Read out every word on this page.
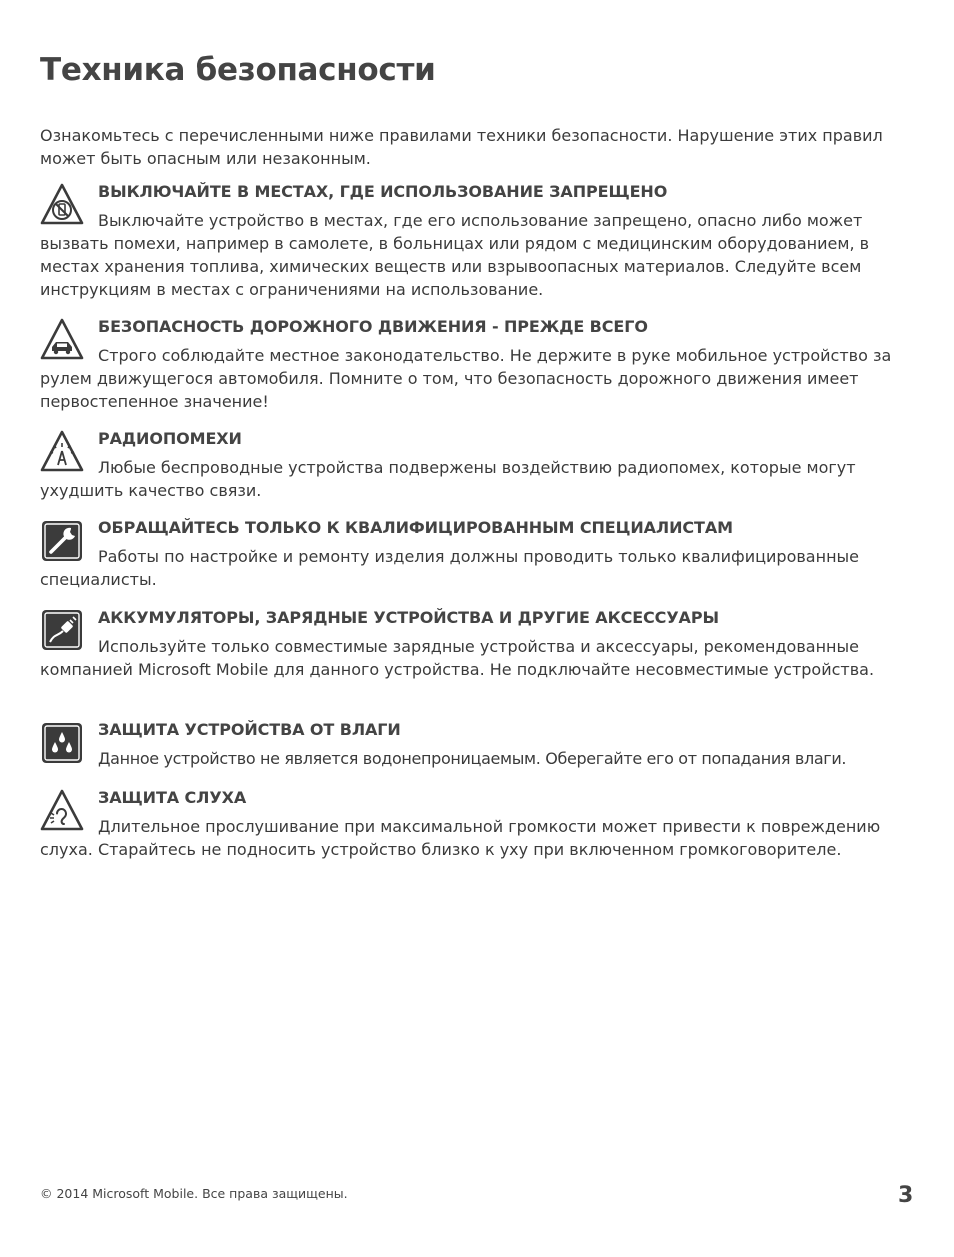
Техника безопасности

Ознакомьтесь с перечисленными ниже правилами техники безопасности. Нарушение этих правил может быть опасным или незаконным.

ВЫКЛЮЧАЙТЕ В МЕСТАХ, ГДЕ ИСПОЛЬЗОВАНИЕ ЗАПРЕЩЕНО

Выключайте устройство в местах, где его использование запрещено, опасно либо может вызвать помехи, например в самолете, в больницах или рядом с медицинским оборудованием, в местах хранения топлива, химических веществ или взрывоопасных материалов. Следуйте всем инструкциям в местах с ограничениями на использование.

БЕЗОПАСНОСТЬ ДОРОЖНОГО ДВИЖЕНИЯ - ПРЕЖДЕ ВСЕГО

Строго соблюдайте местное законодательство. Не держите в руке мобильное устройство за рулем движущегося автомобиля. Помните о том, что безопасность дорожного движения имеет первостепенное значение!

РАДИОПОМЕХИ

Любые беспроводные устройства подвержены воздействию радиопомех, которые могут ухудшить качество связи.

ОБРАЩАЙТЕСЬ ТОЛЬКО К КВАЛИФИЦИРОВАННЫМ СПЕЦИАЛИСТАМ

Работы по настройке и ремонту изделия должны проводить только квалифицированные специалисты.

АККУМУЛЯТОРЫ, ЗАРЯДНЫЕ УСТРОЙСТВА И ДРУГИЕ АКСЕССУАРЫ

Используйте только совместимые зарядные устройства и аксессуары, рекомендованные компанией Microsoft Mobile для данного устройства. Не подключайте несовместимые устройства.

ЗАЩИТА УСТРОЙСТВА ОТ ВЛАГИ

Данное устройство не является водонепроницаемым. Оберегайте его от попадания влаги.

ЗАЩИТА СЛУХА

Длительное прослушивание при максимальной громкости может привести к повреждению слуха. Старайтесь не подносить устройство близко к уху при включенном громкоговорителе.

© 2014 Microsoft Mobile. Все права защищены.	3
